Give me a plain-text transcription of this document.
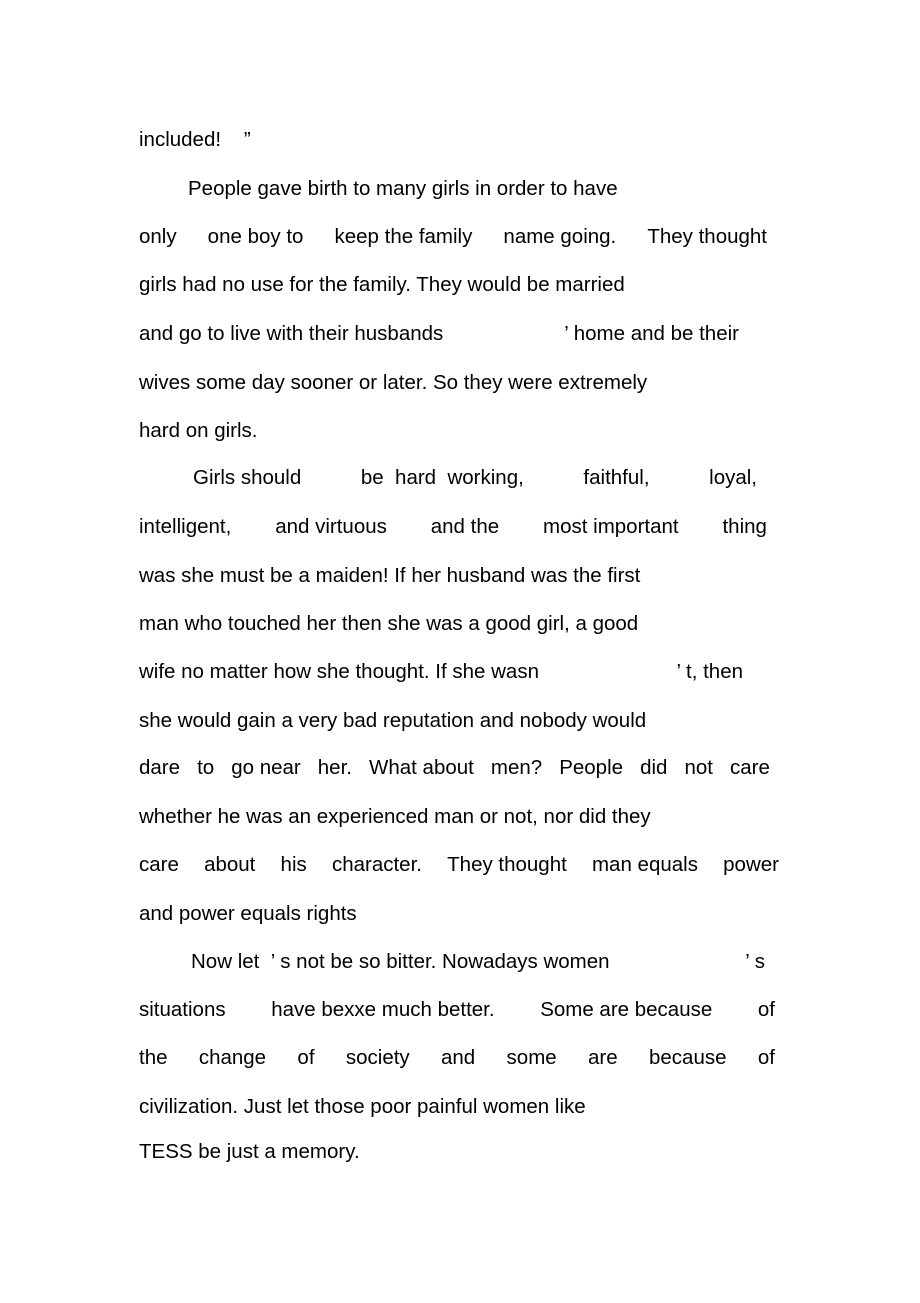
included!    ”

People gave birth to many girls in order to have

only one boy to keep the family name going. They thought

girls had no use for the family. They would be married

and go to live with their husbands	’ home and be their

wives some day sooner or later. So they were extremely

hard on girls.

Girls should	be  hard  working,	faithful,	loyal,

intelligent, and virtuous and the most important thing

was she must be a maiden! If her husband was the first

man who touched her then she was a good girl, a good

wife no matter how she thought. If she wasn	’ t, then

she would gain a very bad reputation and nobody would

dare to go near her. What about men? People did not care

whether he was an experienced man or not, nor did they

care about his character. They thought man equals power

and power equals rights

Now let  ’ s not be so bitter. Nowadays women	’ s

situations have bexxe much better. Some are because of

the change of society and some are because of

civilization. Just let those poor painful women like

TESS be just a memory.
